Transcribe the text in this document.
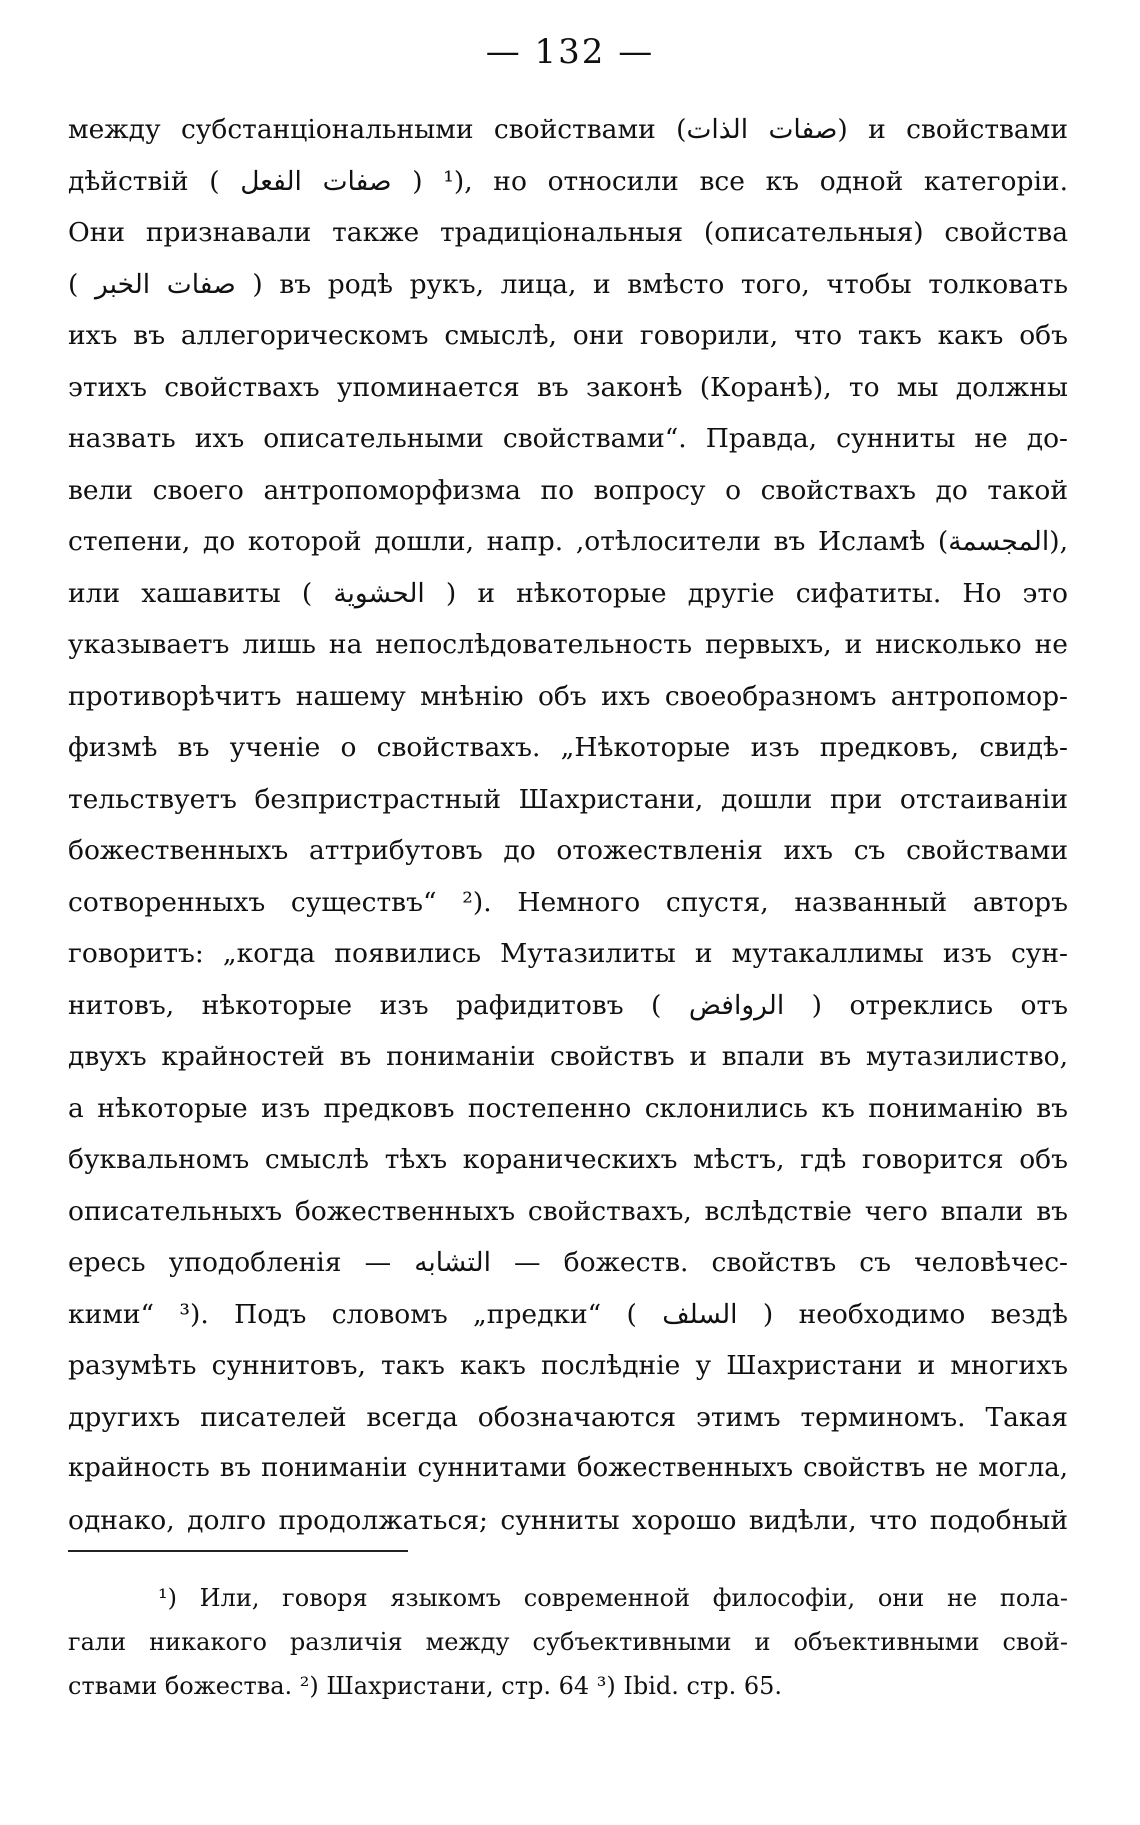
— 132 —
между субстанціональными свойствами (صفات الذات) и свойствами
дѣйствій ( صفات الفعل ) ¹), но относили все къ одной категоріи.
Они признавали также традиціональныя (описательныя) свойства
( صفات الخبر ) въ родѣ рукъ, лица, и вмѣсто того, чтобы толковать
ихъ въ аллегорическомъ смыслѣ, они говорили, что такъ какъ объ
этихъ свойствахъ упоминается въ законѣ (Коранѣ), то мы должны
назвать ихъ описательными свойствами“. Правда, сунниты не до-
вели своего антропоморфизма по вопросу о свойствахъ до такой
степени, до которой дошли, напр. ,отѣлосители въ Исламѣ (المجسمة),
или хашавиты ( الحشوية ) и нѣкоторые другіе сифатиты. Но это
указываетъ лишь на непослѣдовательность первыхъ, и нисколько не
противорѣчитъ нашему мнѣнію объ ихъ своеобразномъ антропомор-
физмѣ въ ученіе о свойствахъ. „Нѣкоторые изъ предковъ, свидѣ-
тельствуетъ безпристрастный Шахристани, дошли при отстаиваніи
божественныхъ аттрибутовъ до отожествленія ихъ съ свойствами
сотворенныхъ существъ“ ²). Немного спустя, названный авторъ
говоритъ: „когда появились Мутазилиты и мутакаллимы изъ сун-
нитовъ, нѣкоторые изъ рафидитовъ ( الروافض ) отреклись отъ
двухъ крайностей въ пониманіи свойствъ и впали въ мутазилиство,
а нѣкоторые изъ предковъ постепенно склонились къ пониманію въ
буквальномъ смыслѣ тѣхъ кораническихъ мѣстъ, гдѣ говорится объ
описательныхъ божественныхъ свойствахъ, вслѣдствіе чего впали въ
ересь уподобленія — التشابه — божеств. свойствъ съ человѣчес-
кими“ ³). Подъ словомъ „предки“ ( السلف ) необходимо вездѣ
разумѣть суннитовъ, такъ какъ послѣдніе у Шахристани и многихъ
другихъ писателей всегда обозначаются этимъ терминомъ. Такая
крайность въ пониманіи суннитами божественныхъ свойствъ не могла,
однако, долго продолжаться; сунниты хорошо видѣли, что подобный
¹) Или, говоря языкомъ современной философіи, они не пола-
гали никакого различія между субъективными и объективными свой-
ствами божества. ²) Шахристани, стр. 64 ³) Ibid. стр. 65.
